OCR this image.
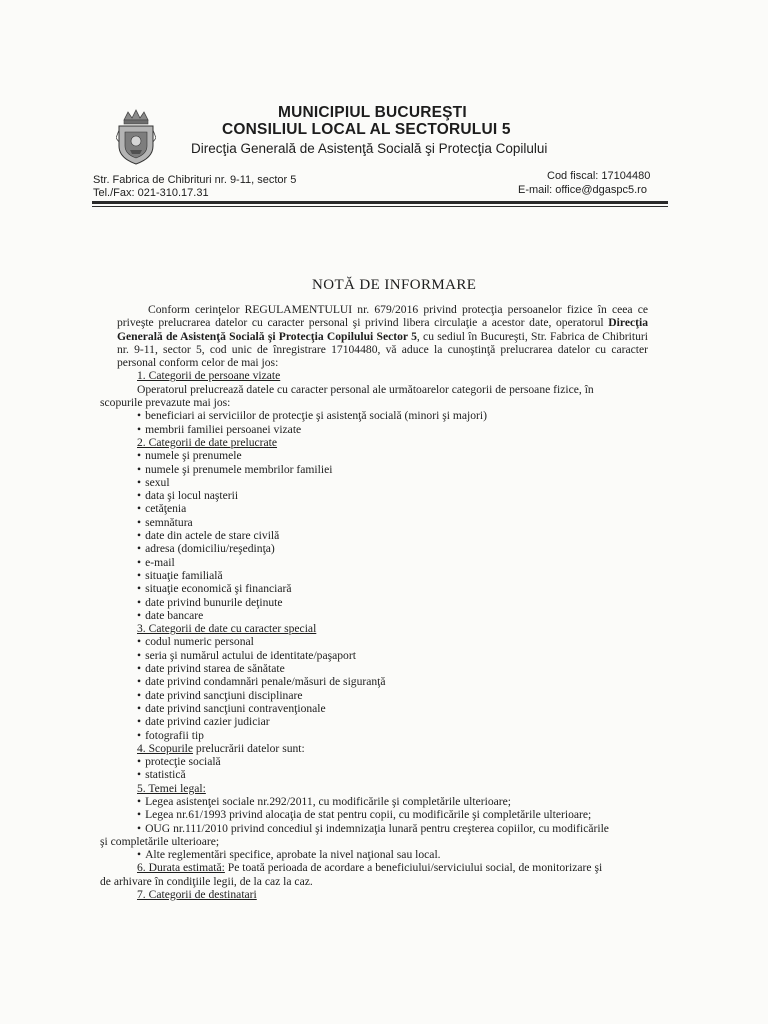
MUNICIPIUL BUCUREŞTI
CONSILIUL LOCAL AL SECTORULUI 5
Direcţia Generală de Asistenţă Socială şi Protecţia Copilului
Str. Fabrica de Chibrituri nr. 9-11, sector 5
Tel./Fax: 021-310.17.31
Cod fiscal: 17104480
E-mail: office@dgaspc5.ro
NOTĂ DE INFORMARE

Conform cerinţelor REGULAMENTULUI nr. 679/2016 privind protecţia persoanelor fizice în ceea ce priveşte prelucrarea datelor cu caracter personal şi privind libera circulaţie a acestor date, operatorul Direcţia Generală de Asistenţă Socială şi Protecţia Copilului Sector 5, cu sediul în Bucureşti, Str. Fabrica de Chibrituri nr. 9-11, sector 5, cod unic de înregistrare 17104480, vă aduce la cunoştinţă prelucrarea datelor cu caracter personal conform celor de mai jos:

1. Categorii de persoane vizate
Operatorul prelucrează datele cu caracter personal ale următoarelor categorii de persoane fizice, în
scopurile prevazute mai jos:
• beneficiari ai serviciilor de protecţie şi asistenţă socială (minori şi majori)
• membrii familiei persoanei vizate
2. Categorii de date prelucrate
• numele şi prenumele
• numele şi prenumele membrilor familiei
• sexul
• data şi locul naşterii
• cetăţenia
• semnătura
• date din actele de stare civilă
• adresa (domiciliu/reşedinţa)
• e-mail
• situaţie familială
• situaţie economică şi financiară
• date privind bunurile deţinute
• date bancare
3. Categorii de date cu caracter special
• codul numeric personal
• seria şi numărul actului de identitate/paşaport
• date privind starea de sănătate
• date privind condamnări penale/măsuri de siguranţă
• date privind sancţiuni disciplinare
• date privind sancţiuni contravenţionale
• date privind cazier judiciar
• fotografii tip
4. Scopurile prelucrării datelor sunt:
• protecţie socială
• statistică
5. Temei legal:
• Legea asistenţei sociale nr.292/2011, cu modificările şi completările ulterioare;
• Legea nr.61/1993 privind alocaţia de stat pentru copii, cu modificările şi completările ulterioare;
• OUG nr.111/2010 privind concediul şi indemnizaţia lunară pentru creşterea copiilor, cu modificările
şi completările ulterioare;
• Alte reglementări specifice, aprobate la nivel naţional sau local.
6. Durata estimată: Pe toată perioada de acordare a beneficiului/serviciului social, de monitorizare şi
de arhivare în condiţiile legii, de la caz la caz.
7. Categorii de destinatari
